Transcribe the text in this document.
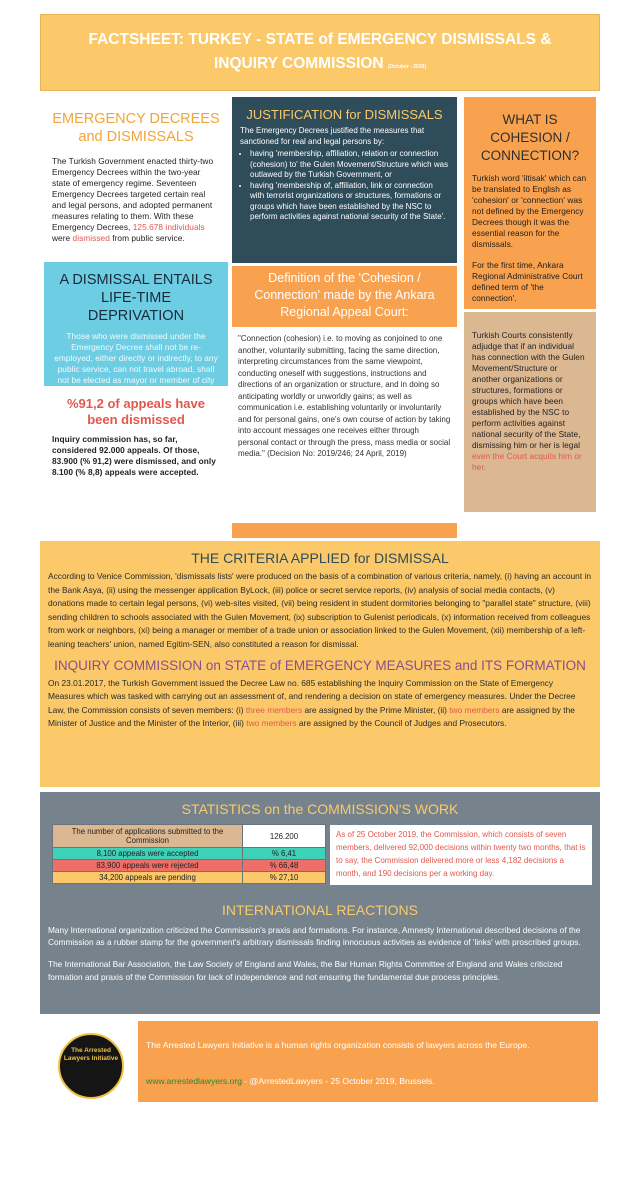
FACTSHEET: TURKEY - STATE of EMERGENCY DISMISSALS &
INQUIRY COMMISSION (October - 2019)
EMERGENCY DECREES and DISMISSALS

The Turkish Government enacted thirty-two Emergency Decrees within the two-year state of emergency regime. Seventeen Emergency Decrees targeted certain real and legal persons, and adopted permanent measures relating to them. With these Emergency Decrees, 125.678 individuals were dismissed from public service.

A DISMISSAL ENTAILS LIFE-TIME DEPRIVATION

Those who were dismissed under the Emergency Decree shall not be re-employed, either directly or indirectly, to any public service, can not travel abroad, shall not be elected as mayor or member of city council.

%91,2 of appeals have been dismissed

Inquiry commission has, so far, considered 92.000 appeals. Of those, 83.900 (% 91,2) were dismissed, and only 8.100 (% 8,8) appeals were accepted.

JUSTIFICATION for DISMISSALS

The Emergency Decrees justified the measures that sanctioned for real and legal persons by:

• having 'membership, affiliation, relation or connection (cohesion) to' the Gulen Movement/Structure which was outlawed by the Turkish Government, or
• having 'membership of, affiliation, link or connection with terrorist organizations or structures, formations or groups which have been established by the NSC to perform activities against national security of the State'.
Definition of the 'Cohesion / Connection' made by the Ankara Regional Appeal Court:
"Connection (cohesion) i.e. to moving as conjoined to one another, voluntarily submitting, facing the same direction, interpreting circumstances from the same viewpoint, conducting oneself with suggestions, instructions and directions of an organization or structure, and in doing so anticipating worldly or unworldly gains; as well as communication i.e. establishing voluntarily or involuntarily and for personal gains, one's own course of action by taking into account messages one receives either through personal contact or through the press, mass media or social media." (Decision No: 2019/246; 24 April, 2019)
WHAT IS COHESION / CONNECTION?

Turkish word 'iltisak' which can be translated to English as 'cohesion' or 'connection' was not defined by the Emergency Decrees though it was the essential reason for the dismissals.

For the first time, Ankara Regional Administrative Court defined term of 'the connection'.

Turkish Courts consistently adjudge that if an individual has connection with the Gulen Movement/Structure or another organizations or structures, formations or groups which have been established by the NSC to perform activities against national security of the State, dismissing him or her is legal even the Court acquits him or her.

THE CRITERIA APPLIED for DISMISSAL

According to Venice Commission, 'dismissals lists' were produced on the basis of a combination of various criteria, namely, (i) having an account in the Bank Asya, (ii) using the messenger application ByLock, (iii) police or secret service reports, (iv) analysis of social media contacts, (v) donations made to certain legal persons, (vi) web-sites visited, (vii) being resident in student dormitories belonging to "parallel state" structure, (viii) sending children to schools associated with the Gulen Movement, (ix) subscription to Gulenist periodicals, (x) information received from colleagues from work or neighbors, (xi) being a manager or member of a trade union or association linked to the Gulen Movement, (xii) membership of a left-leaning teachers' union, named Egitim-SEN, also constituted a reason for dismissal.

INQUIRY COMMISSION on STATE of EMERGENCY MEASURES and ITS FORMATION

On 23.01.2017, the Turkish Government issued the Decree Law no. 685 establishing the Inquiry Commission on the State of Emergency Measures which was tasked with carrying out an assessment of, and rendering a decision on state of emergency measures. Under the Decree Law, the Commission consists of seven members: (i) three members are assigned by the Prime Minister, (ii) two members are assigned by the Minister of Justice and the Minister of the Interior, (iii) two members are assigned by the Council of Judges and Prosecutors.

STATISTICS on the COMMISSION'S WORK
The number of applications submitted to the Commission	126.200
8,100 appeals were accepted	% 6,41
83,900 appeals were rejected	% 66,48
34,200 appeals are pending	% 27,10
As of 25 October 2019, the Commission, which consists of seven members, delivered 92,000 decisions within twenty two months, that is to say, the Commission delivered more or less 4,182 decisions a month, and 190 decisions per a working day.
INTERNATIONAL REACTIONS

Many International organization criticized the Commission's praxis and formations. For instance, Amnesty International described decisions of the Commission as a rubber stamp for the government's arbitrary dismissals finding innocuous activities as evidence of 'links' with proscribed groups.

The International Bar Association, the Law Society of England and Wales, the Bar Human Rights Committee of England and Wales criticized formation and praxis of the Commission for lack of independence and not ensuring the fundamental due process principles.

The Arrested Lawyers Initiative
The Arrested Lawyers Initiative is a human rights organization consists of lawyers across the Europe.
www.arrestedlawyers.org - @ArrestedLawyers - 25 October 2019, Brussels.
